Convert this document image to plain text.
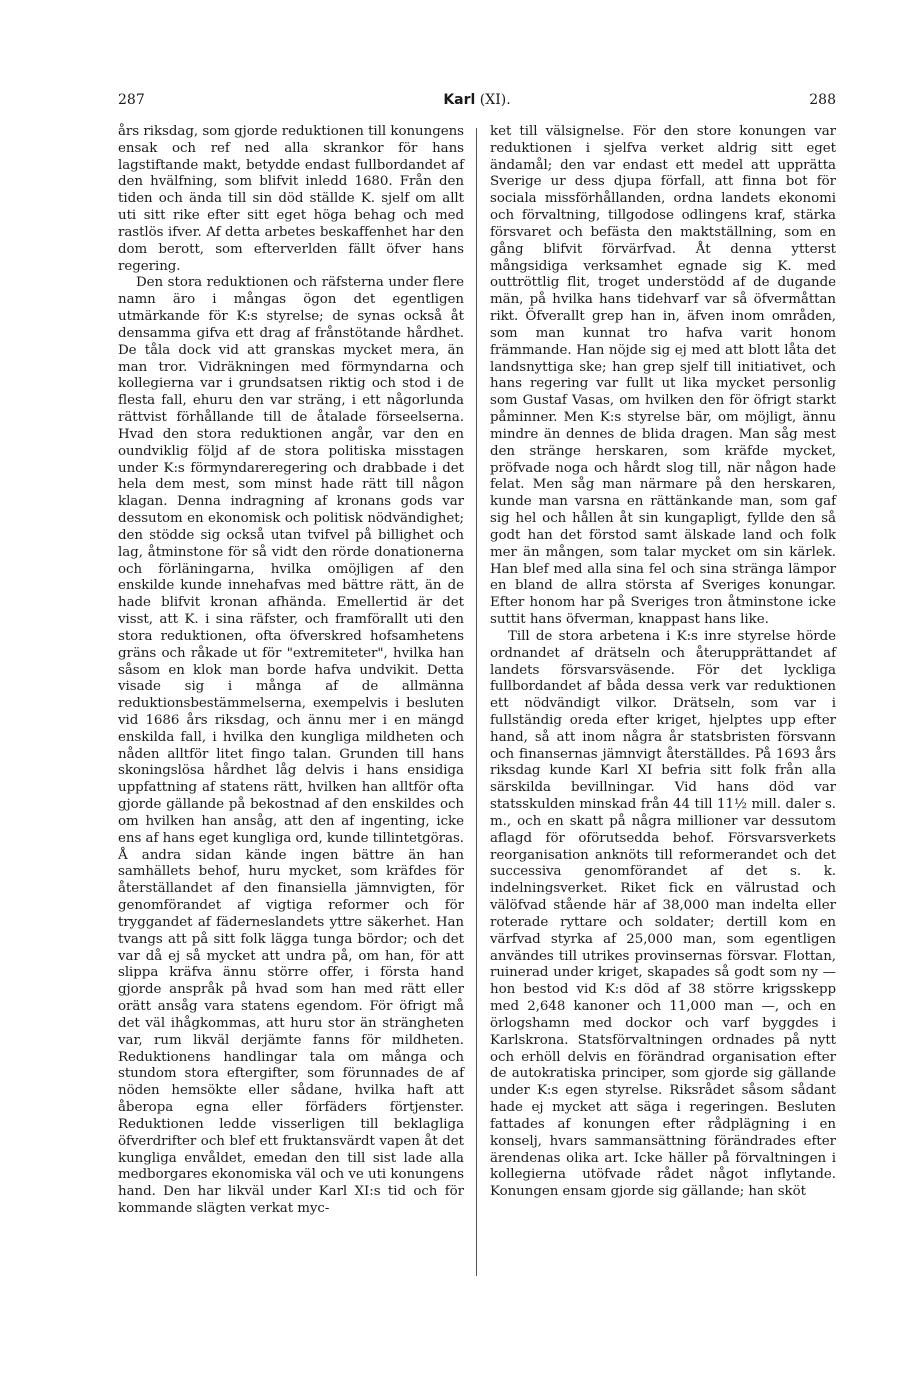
287	Karl (XI).	288

års riksdag, som gjorde reduktionen till konungens ensak och ref ned alla skrankor för hans lagstiftande makt, betydde endast fullbordandet af den hvälfning, som blifvit inledd 1680. Från den tiden och ända till sin död ställde K. sjelf om allt uti sitt rike efter sitt eget höga behag och med rastlös ifver. Af detta arbetes beskaffenhet har den dom berott, som efterverlden fällt öfver hans regering.

Den stora reduktionen och räfsterna under flere namn äro i mångas ögon det egentligen utmärkande för K:s styrelse; de synas också åt densamma gifva ett drag af frånstötande hårdhet. De tåla dock vid att granskas mycket mera, än man tror. Vidräkningen med förmyndarna och kollegierna var i grundsatsen riktig och stod i de flesta fall, ehuru den var sträng, i ett någorlunda rättvist förhållande till de åtalade förseelserna. Hvad den stora reduktionen angår, var den en oundviklig följd af de stora politiska misstagen under K:s förmyndareregering och drabbade i det hela dem mest, som minst hade rätt till någon klagan. Denna indragning af kronans gods var dessutom en ekonomisk och politisk nödvändighet; den stödde sig också utan tvifvel på billighet och lag, åtminstone för så vidt den rörde donationerna och förläningarna, hvilka omöjligen af den enskilde kunde innehafvas med bättre rätt, än de hade blifvit kronan afhända. Emellertid är det visst, att K. i sina räfster, och framförallt uti den stora reduktionen, ofta öfverskred hofsamhetens gräns och råkade ut för "extremiteter", hvilka han såsom en klok man borde hafva undvikit. Detta visade sig i många af de allmänna reduktionsbestämmelserna, exempelvis i besluten vid 1686 års riksdag, och ännu mer i en mängd enskilda fall, i hvilka den kungliga mildheten och nåden alltför litet fingo talan. Grunden till hans skoningslösa hårdhet låg delvis i hans ensidiga uppfattning af statens rätt, hvilken han alltför ofta gjorde gällande på bekostnad af den enskildes och om hvilken han ansåg, att den af ingenting, icke ens af hans eget kungliga ord, kunde tillintetgöras. Å andra sidan kände ingen bättre än han samhällets behof, huru mycket, som kräfdes för återställandet af den finansiella jämnvigten, för genomförandet af vigtiga reformer och för tryggandet af fäderneslandets yttre säkerhet. Han tvangs att på sitt folk lägga tunga bördor; och det var då ej så mycket att undra på, om han, för att slippa kräfva ännu större offer, i första hand gjorde anspråk på hvad som han med rätt eller orätt ansåg vara statens egendom. För öfrigt må det väl ihågkommas, att huru stor än strängheten var, rum likväl derjämte fanns för mildheten. Reduktionens handlingar tala om många och stundom stora eftergifter, som förunnades de af nöden hemsökte eller sådane, hvilka haft att åberopa egna eller förfäders förtjenster. Reduktionen ledde visserligen till beklagliga öfverdrifter och blef ett fruktansvärdt vapen åt det kungliga envåldet, emedan den till sist lade alla medborgares ekonomiska väl och ve uti konungens hand. Den har likväl under Karl XI:s tid och för kommande slägten verkat myc-

ket till välsignelse. För den store konungen var reduktionen i sjelfva verket aldrig sitt eget ändamål; den var endast ett medel att upprätta Sverige ur dess djupa förfall, att finna bot för sociala missförhållanden, ordna landets ekonomi och förvaltning, tillgodose odlingens kraf, stärka försvaret och befästa den maktställning, som en gång blifvit förvärfvad. Åt denna ytterst mångsidiga verksamhet egnade sig K. med outtröttlig flit, troget understödd af de dugande män, på hvilka hans tidehvarf var så öfvermåttan rikt. Öfverallt grep han in, äfven inom områden, som man kunnat tro hafva varit honom främmande. Han nöjde sig ej med att blott låta det landsnyttiga ske; han grep sjelf till initiativet, och hans regering var fullt ut lika mycket personlig som Gustaf Vasas, om hvilken den för öfrigt starkt påminner. Men K:s styrelse bär, om möjligt, ännu mindre än dennes de blida dragen. Man såg mest den stränge herskaren, som kräfde mycket, pröfvade noga och hårdt slog till, när någon hade felat. Men såg man närmare på den herskaren, kunde man varsna en rättänkande man, som gaf sig hel och hållen åt sin kungapligt, fyllde den så godt han det förstod samt älskade land och folk mer än mången, som talar mycket om sin kärlek. Han blef med alla sina fel och sina stränga lämpor en bland de allra största af Sveriges konungar. Efter honom har på Sveriges tron åtminstone icke suttit hans öfverman, knappast hans like.

Till de stora arbetena i K:s inre styrelse hörde ordnandet af drätseln och återupprättandet af landets försvarsväsende. För det lyckliga fullbordandet af båda dessa verk var reduktionen ett nödvändigt vilkor. Drätseln, som var i fullständig oreda efter kriget, hjelptes upp efter hand, så att inom några år statsbristen försvann och finansernas jämnvigt återställdes. På 1693 års riksdag kunde Karl XI befria sitt folk från alla särskilda bevillningar. Vid hans död var statsskulden minskad från 44 till 11½ mill. daler s. m., och en skatt på några millioner var dessutom aflagd för oförutsedda behof. Försvarsverkets reorganisation anknöts till reformerandet och det successiva genomförandet af det s. k. indelningsverket. Riket fick en välrustad och välöfvad stående här af 38,000 man indelta eller roterade ryttare och soldater; dertill kom en värfvad styrka af 25,000 man, som egentligen användes till utrikes provinsernas försvar. Flottan, ruinerad under kriget, skapades så godt som ny — hon bestod vid K:s död af 38 större krigsskepp med 2,648 kanoner och 11,000 man —, och en örlogshamn med dockor och varf byggdes i Karlskrona. Statsförvaltningen ordnades på nytt och erhöll delvis en förändrad organisation efter de autokratiska principer, som gjorde sig gällande under K:s egen styrelse. Riksrådet såsom sådant hade ej mycket att säga i regeringen. Besluten fattades af konungen efter rådplägning i en konselj, hvars sammansättning förändrades efter ärendenas olika art. Icke häller på förvaltningen i kollegierna utöfvade rådet något inflytande. Konungen ensam gjorde sig gällande; han sköt
